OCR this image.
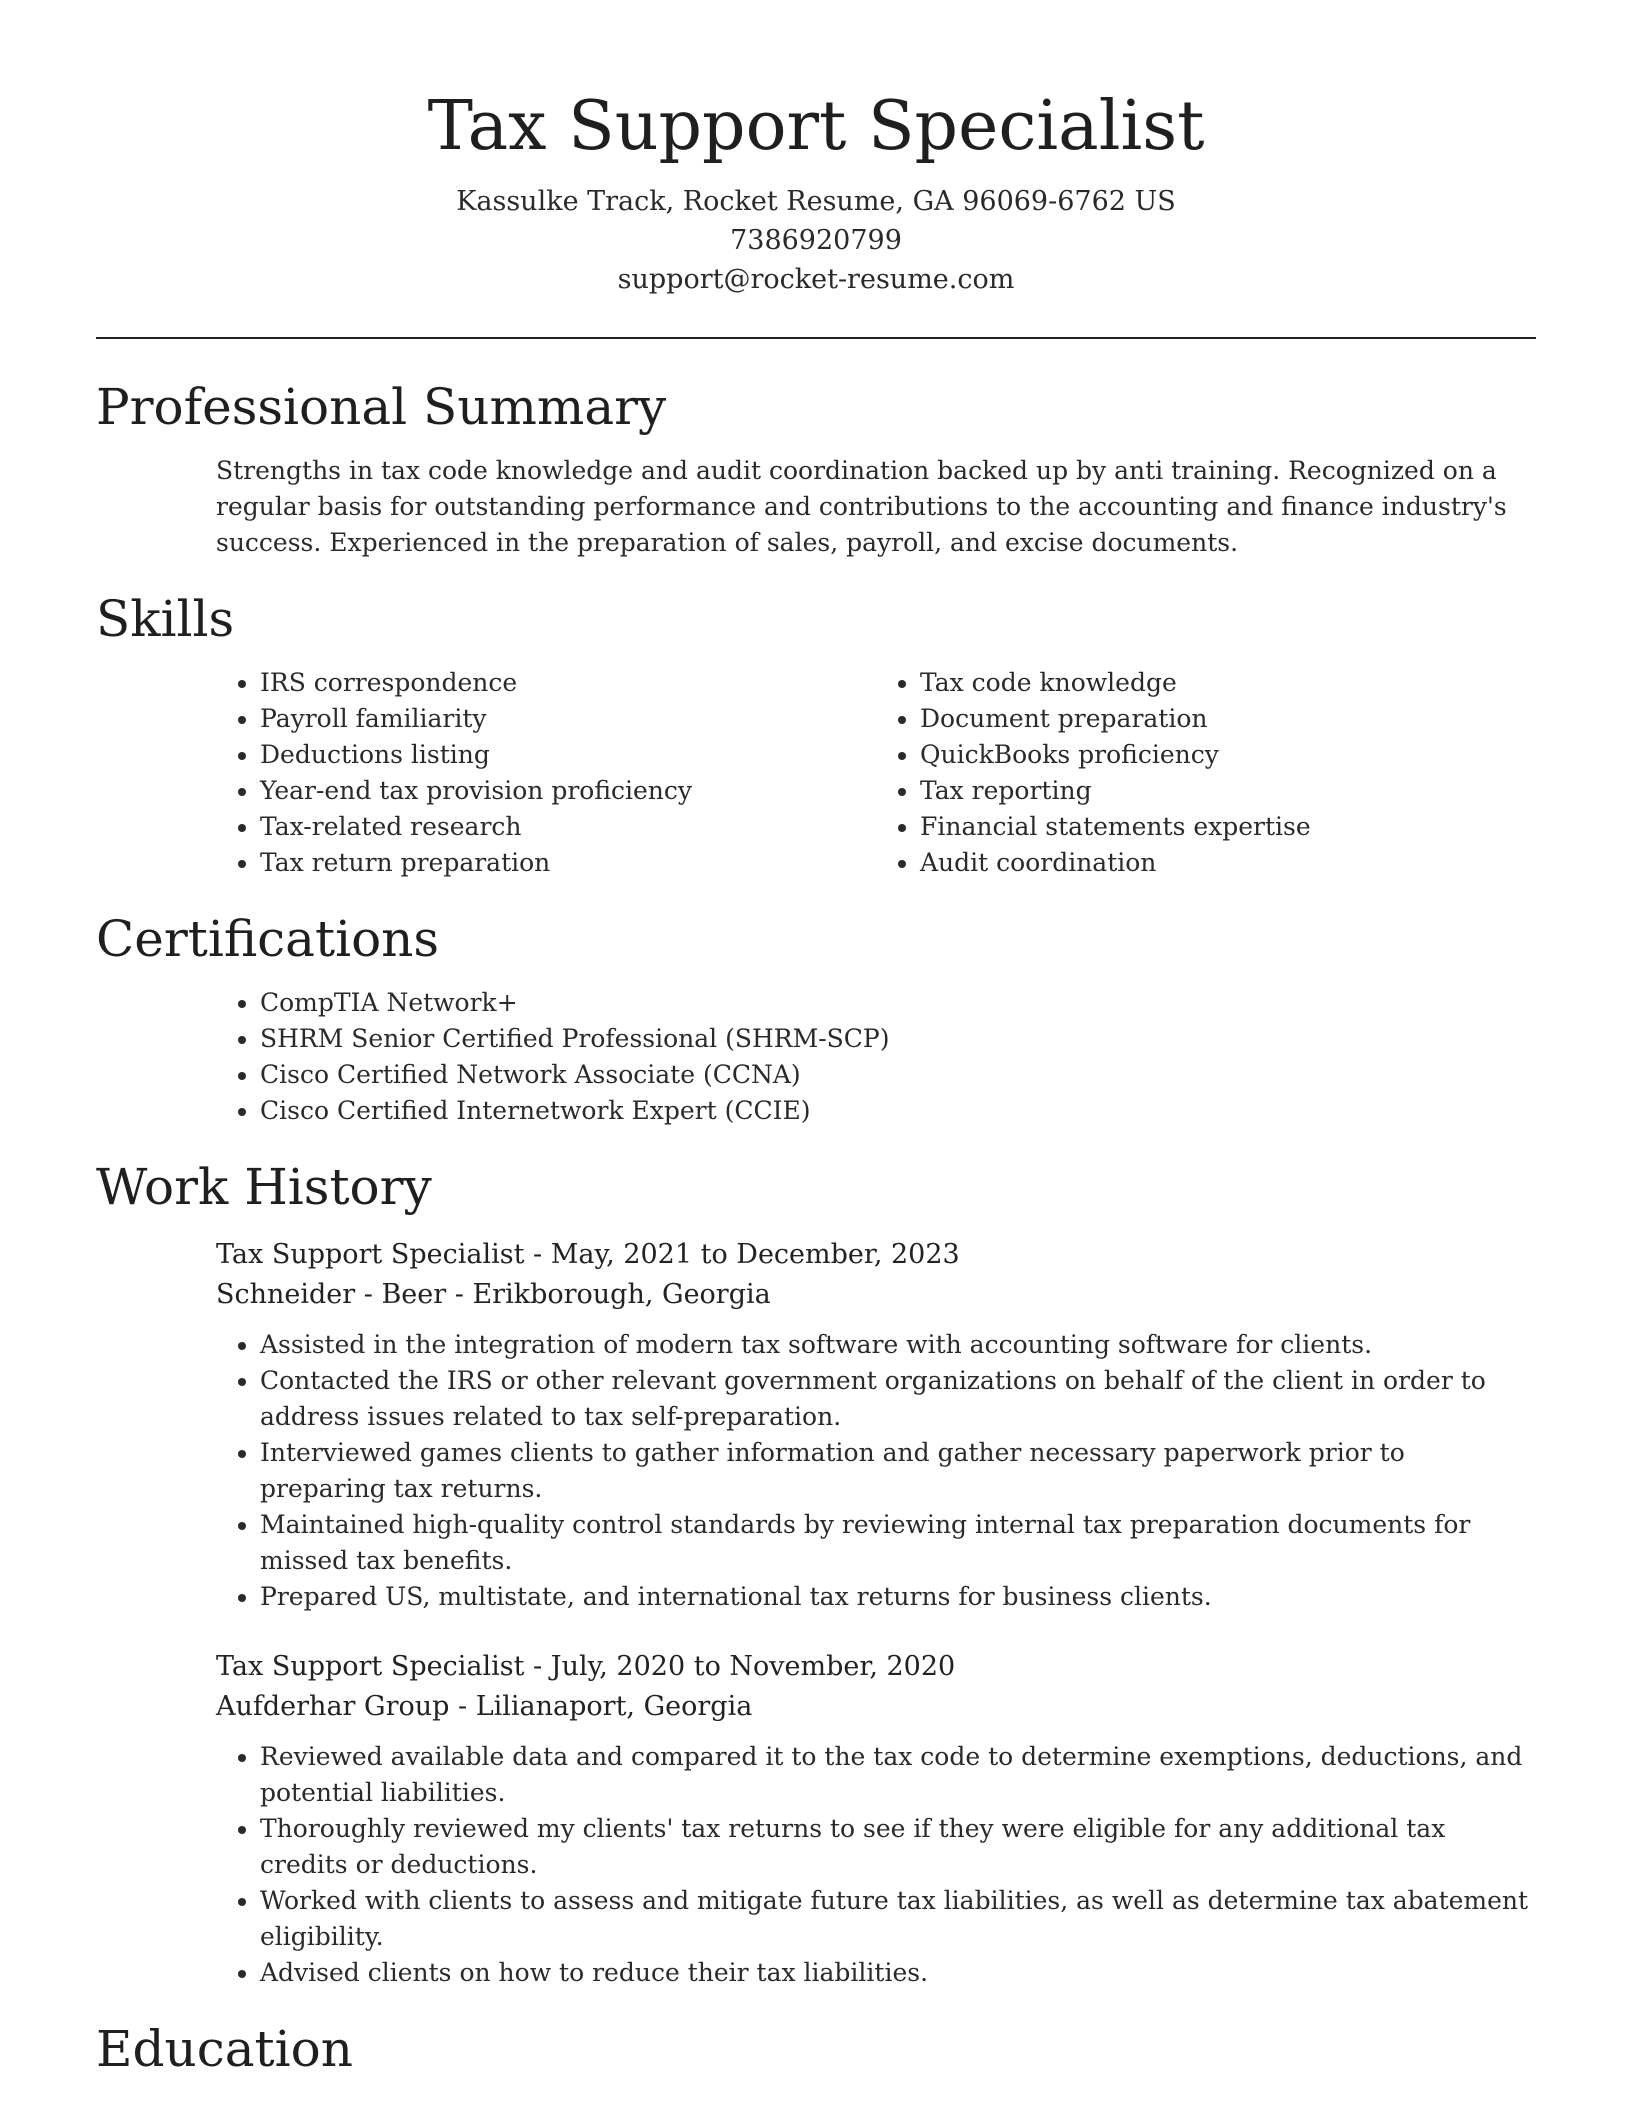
Tax Support Specialist
Kassulke Track, Rocket Resume, GA 96069-6762 US
7386920799
support@rocket-resume.com
Professional Summary
Strengths in tax code knowledge and audit coordination backed up by anti training. Recognized on a regular basis for outstanding performance and contributions to the accounting and finance industry's success. Experienced in the preparation of sales, payroll, and excise documents.
Skills
• IRS correspondence
• Payroll familiarity
• Deductions listing
• Year-end tax provision proficiency
• Tax-related research
• Tax return preparation
• Tax code knowledge
• Document preparation
• QuickBooks proficiency
• Tax reporting
• Financial statements expertise
• Audit coordination
Certifications
• CompTIA Network+
• SHRM Senior Certified Professional (SHRM-SCP)
• Cisco Certified Network Associate (CCNA)
• Cisco Certified Internetwork Expert (CCIE)
Work History
Tax Support Specialist - May, 2021 to December, 2023
Schneider - Beer - Erikborough, Georgia
• Assisted in the integration of modern tax software with accounting software for clients.
• Contacted the IRS or other relevant government organizations on behalf of the client in order to address issues related to tax self-preparation.
• Interviewed games clients to gather information and gather necessary paperwork prior to preparing tax returns.
• Maintained high-quality control standards by reviewing internal tax preparation documents for missed tax benefits.
• Prepared US, multistate, and international tax returns for business clients.
Tax Support Specialist - July, 2020 to November, 2020
Aufderhar Group - Lilianaport, Georgia
• Reviewed available data and compared it to the tax code to determine exemptions, deductions, and potential liabilities.
• Thoroughly reviewed my clients' tax returns to see if they were eligible for any additional tax credits or deductions.
• Worked with clients to assess and mitigate future tax liabilities, as well as determine tax abatement eligibility.
• Advised clients on how to reduce their tax liabilities.
Education
